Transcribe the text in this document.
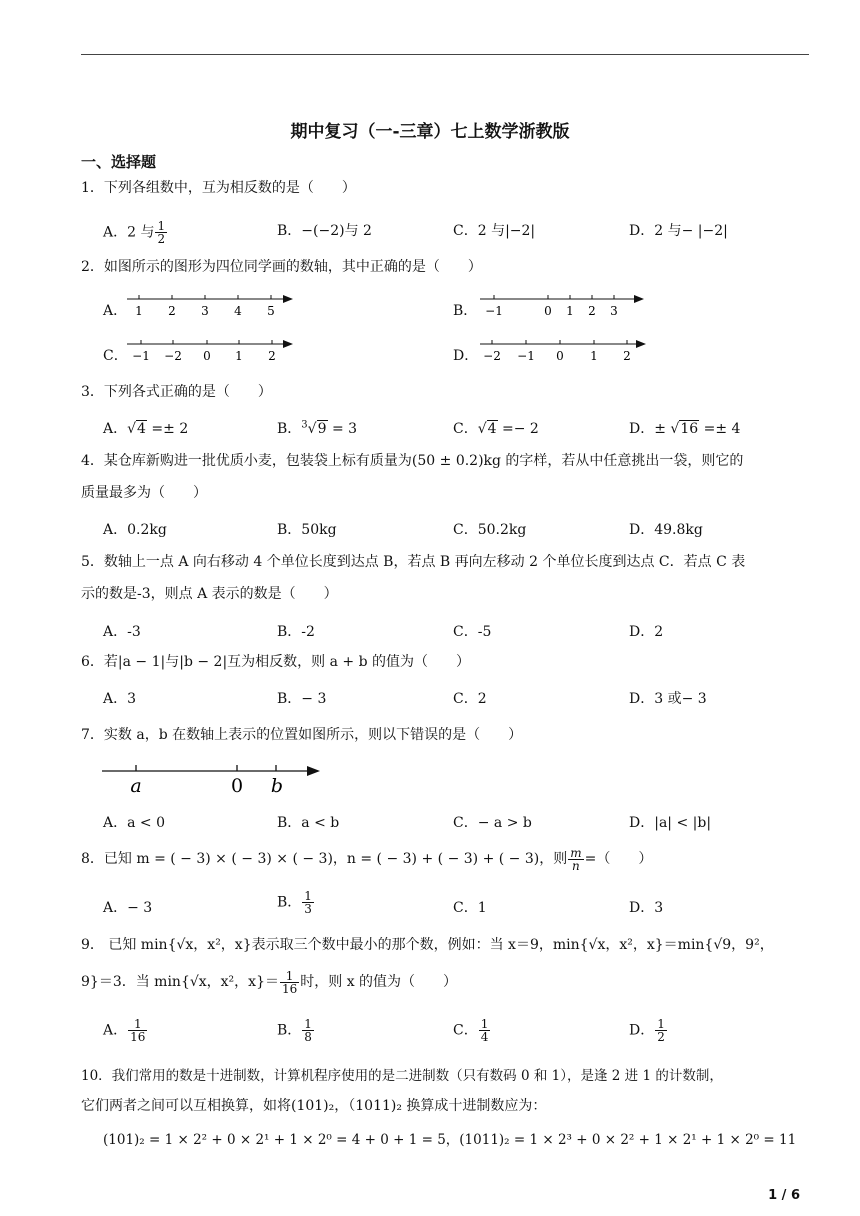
期中复习（一-三章）七上数学浙教版
一、选择题
1．下列各组数中，互为相反数的是（　　）
A．2 与 $\frac{1}{2}$	B．−(−2)与 2	C．2 与|−2|	D．2 与− |−2|
2．如图所示的图形为四位同学画的数轴，其中正确的是（　　）
A． 1 2 3 4 5	B． −1	0 1 2 3
C． −1 −2 0 1 2	D． −2 −1 0 1 2
3．下列各式正确的是（　　）
A．√4 =± 2	B．$^3$√9 = 3	C．√4 =− 2	D．± √16 =± 4
4．某仓库新购进一批优质小麦，包装袋上标有质量为(50 ± 0.2)kg 的字样，若从中任意挑出一袋，则它的
质量最多为（　　）
A．0.2kg	B．50kg	C．50.2kg	D．49.8kg
5．数轴上一点 A 向右移动 4 个单位长度到达点 B，若点 B 再向左移动 2 个单位长度到达点 C．若点 C 表
示的数是-3，则点 A 表示的数是（　　）
A．-3	B．-2	C．-5	D．2
6．若|a − 1|与|b − 2|互为相反数，则 a + b 的值为（　　）
A．3	B．− 3	C．2	D．3 或− 3
7．实数 a，b 在数轴上表示的位置如图所示，则以下错误的是（　　）
a	0 b
A．a < 0	B．a < b	C．− a > b	D．|a| < |b|
8．已知 m = ( − 3) × ( − 3) × ( − 3)，n = ( − 3) + ( − 3) + ( − 3)，则 $\frac{m}{n}$ =（　　）
A．− 3	B． $\frac{1}{3}$	C．1	D．3
9． 已知 min{√x，x²，x}表示取三个数中最小的那个数，例如：当 x＝9，min{√x，x²，x}＝min{√9，9²，
9}＝3．当 min{√x，x²，$x\}= \frac{1}{16}$ 时，则 x 的值为（　　）
A． $\frac{1}{16}$	B． $\frac{1}{8}$	C． $\frac{1}{4}$	D． $\frac{1}{2}$
10．我们常用的数是十进制数，计算机程序使用的是二进制数（只有数码 0 和 1），是逢 2 进 1 的计数制，
它们两者之间可以互相换算，如将(101)₂，（1011)₂ 换算成十进制数应为：
(101)₂ = 1 × 2² + 0 × 2¹ + 1 × 2⁰ = 4 + 0 + 1 = 5，(1011)₂ = 1 × 2³ + 0 × 2² + 1 × 2¹ + 1 × 2⁰ = 11
1 / 6
